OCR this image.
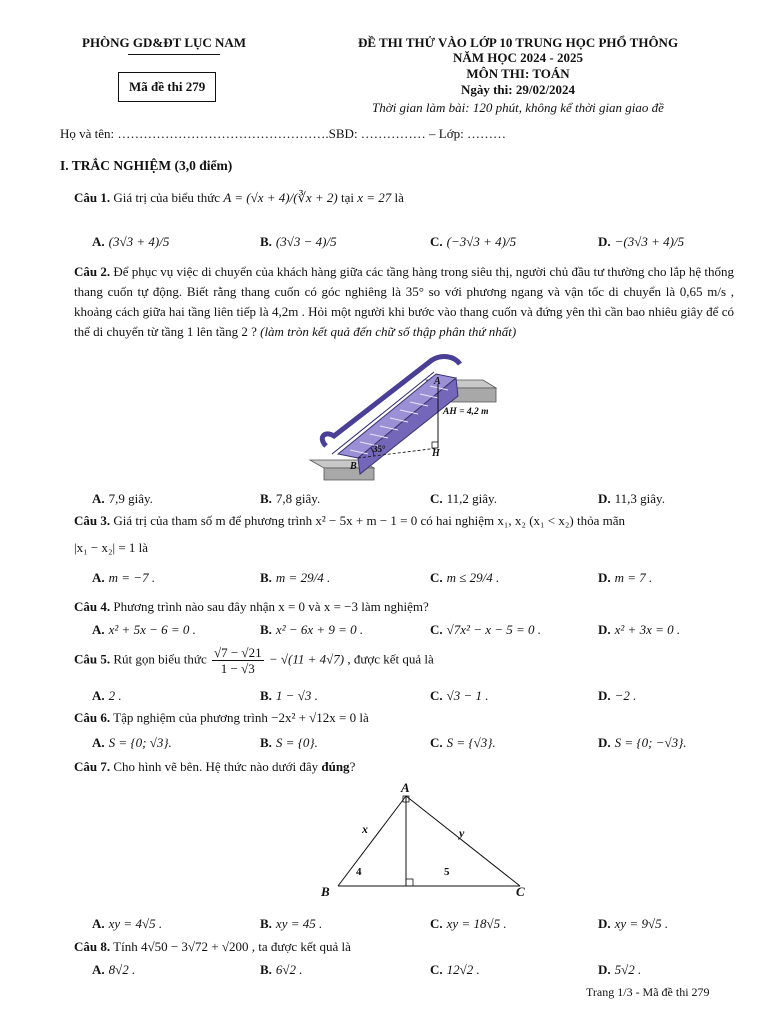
PHÒNG GD&ĐT LỤC NAM
Mã đề thi 279
ĐỀ THI THỬ VÀO LỚP 10 TRUNG HỌC PHỔ THÔNG
NĂM HỌC 2024 - 2025
MÔN THI: TOÁN
Ngày thi: 29/02/2024
Thời gian làm bài: 120 phút, không kể thời gian giao đề
Họ và tên: ………………………………………….SBD: …………… – Lớp: ………
I. TRẮC NGHIỆM (3,0 điểm)
Câu 1. Giá trị của biểu thức A = (√x + 4)/(∛x + 2) tại x = 27 là
A. (3√3 + 4)/5	B. (3√3 − 4)/5	C. (−3√3 + 4)/5	D. −(3√3 + 4)/5
Câu 2. Để phục vụ việc di chuyển của khách hàng giữa các tầng hàng trong siêu thị, người chủ đầu tư thường cho lắp hệ thống thang cuốn tự động. Biết rằng thang cuốn có góc nghiêng là 35° so với phương ngang và vận tốc di chuyển là 0,65 m/s , khoảng cách giữa hai tầng liên tiếp là 4,2m . Hỏi một người khi bước vào thang cuốn và đứng yên thì cần bao nhiêu giây để có thể di chuyển từ tầng 1 lên tầng 2 ? (làm tròn kết quả đến chữ số thập phân thứ nhất)
A
AH = 4,2 m
H
B
35°
A. 7,9 giây.	B. 7,8 giây.	C. 11,2 giây.	D. 11,3 giây.
Câu 3. Giá trị của tham số m để phương trình x² − 5x + m − 1 = 0 có hai nghiệm x₁, x₂ (x₁ < x₂) thỏa mãn
|x₁ − x₂| = 1 là
A. m = −7 .	B. m = 29/4 .	C. m ≤ 29/4 .	D. m = 7 .
Câu 4. Phương trình nào sau đây nhận x = 0 và x = −3 làm nghiệm?
A. x² + 5x − 6 = 0 .	B. x² − 6x + 9 = 0 .	C. √7x² − x − 5 = 0 .	D. x² + 3x = 0 .
Câu 5. Rút gọn biểu thức $\frac{√7 - √21}{1 - √3} - √(11 + 4√7)$ , được kết quả là
A. 2 .	B. 1 − √3 .	C. √3 − 1 .	D. −2 .
Câu 6. Tập nghiệm của phương trình −2x² + √12x = 0 là
A. S = {0; √3}.	B. S = {0}.	C. S = {√3}.	D. S = {0; −√3}.
Câu 7. Cho hình vẽ bên. Hệ thức nào dưới đây đúng?
A
B	C
x	y
4	5
A. xy = 4√5 .	B. xy = 45 .	C. xy = 18√5 .	D. xy = 9√5 .
Câu 8. Tính 4√50 − 3√72 + √200 , ta được kết quả là
A. 8√2 .	B. 6√2 .	C. 12√2 .	D. 5√2 .
Trang 1/3 - Mã đề thi 279
